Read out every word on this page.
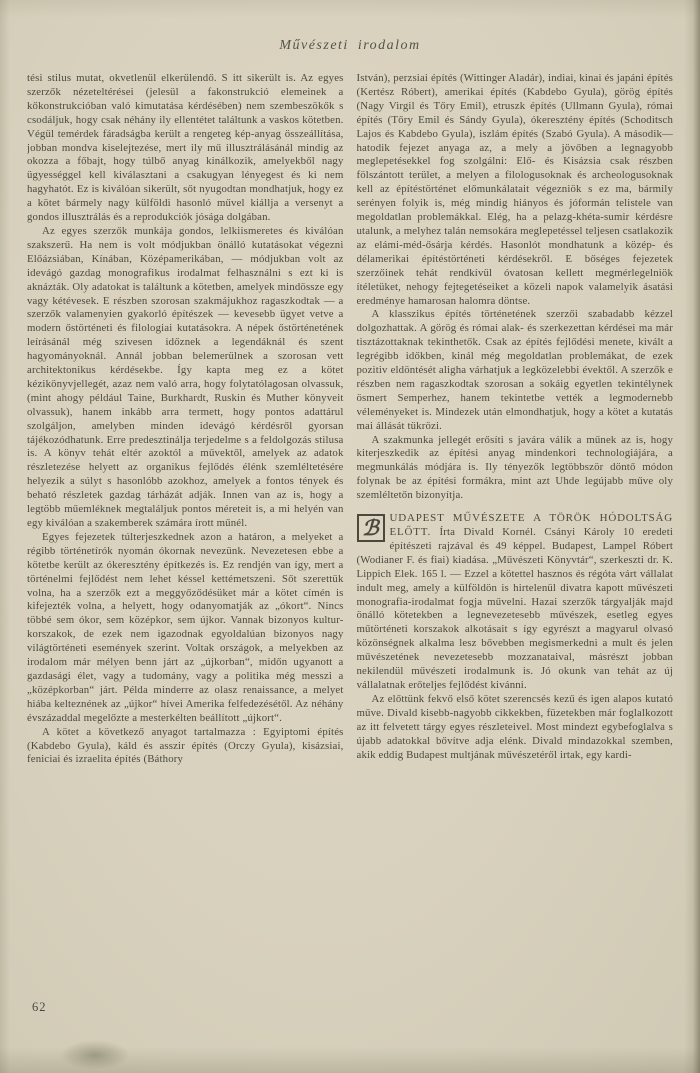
Művészeti irodalom

tési stilus mutat, okvetlenül elkerülendő. S itt sikerült is. Az egyes szerzők nézeteltérései (jelesül a fakonstrukció elemeinek a kőkonstrukcióban való kimutatása kérdésében) nem szembeszökők s csodáljuk, hogy csak néhány ily ellentétet találtunk a vaskos kötetben. Végül temérdek fáradságba került a rengeteg kép-anyag összeállítása, jobban mondva kiselejtezése, mert ily mű illusztrálásánál mindig az okozza a főbajt, hogy túlbő anyag kinálkozik, amelyekből nagy ügyességgel kell kiválasztani a csakugyan lényegest és ki nem hagyhatót. Ez is kiválóan sikerült, sőt nyugodtan mondhatjuk, hogy ez a kötet bármely nagy külföldi hasonló művel kiállja a versenyt a gondos illusztrálás és a reprodukciók jósága dolgában.

Az egyes szerzők munkája gondos, lelkiismeretes és kiválóan szakszerű. Ha nem is volt módjukban önálló kutatásokat végezni Előázsiában, Kínában, Középamerikában, — módjukban volt az idevágó gazdag monografikus irodalmat felhasználni s ezt ki is aknázták. Oly adatokat is találtunk a kötetben, amelyek mindössze egy vagy kétévesek. E részben szorosan szakmájukhoz ragaszkodtak — a szerzők valamenyien gyakorló építészek — kevesebb ügyet vetve a modern őstörténeti és filologiai kutatásokra. A népek őstörténetének leírásánál még szivesen időznek a legendáknál és szent hagyományoknál. Annál jobban belemerülnek a szorosan vett architektonikus kérdésekbe. Így kapta meg ez a kötet kézikönyvjellegét, azaz nem való arra, hogy folytatólagosan olvassuk, (mint ahogy például Taine, Burkhardt, Ruskin és Muther könyveit olvassuk), hanem inkább arra termett, hogy pontos adattárul szolgáljon, amelyben minden idevágó kérdésről gyorsan tájékozódhatunk. Erre predesztinálja terjedelme s a feldolgozás stilusa is. A könyv tehát eltér azoktól a művektől, amelyek az adatok részletezése helyett az organikus fejlődés élénk szemléltetésére helyezik a súlyt s hasonlóbb azokhoz, amelyek a fontos tények és beható részletek gazdag tárházát adják. Innen van az is, hogy a legtöbb műemléknek megtaláljuk pontos méreteit is, a mi helyén van egy kiválóan a szakemberek számára írott műnél.

Egyes fejezetek túlterjeszkednek azon a határon, a melyeket a régibb történetírók nyomán ókornak nevezünk. Nevezetesen ebbe a kötetbe került az ókeresztény építkezés is. Ez rendjén van így, mert a történelmi fejlődést nem lehet késsel kettémetszeni. Sőt szerettük volna, ha a szerzők ezt a meggyőződésüket már a kötet címén is kifejezték volna, a helyett, hogy odanyomatják az „ókort“. Nincs többé sem ókor, sem középkor, sem újkor. Vannak bizonyos kultur-korszakok, de ezek nem igazodnak egyoldalúan bizonyos nagy világtörténeti események szerint. Voltak országok, a melyekben az irodalom már mélyen benn járt az „újkorban“, midőn ugyanott a gazdasági élet, vagy a tudomány, vagy a politika még messzi a „középkorban“ járt. Példa minderre az olasz renaissance, a melyet hiába kelteznének az „újkor“ hívei Amerika felfedezésétől. Az néhány évszázaddal megelőzte a mesterkélten beállított „újkort“.

A kötet a következő anyagot tartalmazza : Egyiptomi építés (Kabdebo Gyula), káld és asszir építés (Orczy Gyula), kisázsiai, feniciai és izraelita építés (Báthory

István), perzsiai építés (Wittinger Aladár), indiai, kinai és japáni építés (Kertész Róbert), amerikai építés (Kabdebo Gyula), görög építés (Nagy Virgil és Tőry Emil), etruszk építés (Ullmann Gyula), római építés (Tőry Emil és Sándy Gyula), ókeresztény építés (Schoditsch Lajos és Kabdebo Gyula), iszlám építés (Szabó Gyula). A második—hatodik fejezet anyaga az, a mely a jövőben a legnagyobb meglepetésekkel fog szolgálni: Elő- és Kisázsia csak részben fölszántott terület, a melyen a filologusoknak és archeologusoknak kell az építéstörténet előmunkálatait végezniök s ez ma, bármily serényen folyik is, még mindig hiányos és jóformán telistele van megoldatlan problemákkal. Elég, ha a pelazg-khéta-sumir kérdésre utalunk, a melyhez talán nemsokára meglepetéssel teljesen csatlakozik az elámi-méd-ősárja kérdés. Hasonlót mondhatunk a közép- és délamerikai építéstörténeti kérdésekről. E bőséges fejezetek szerzőinek tehát rendkívül óvatosan kellett megmérlegelniök ítéletüket, nehogy fejtegetéseiket a közeli napok valamelyik ásatási eredménye hamarosan halomra döntse.

A klasszikus építés történetének szerzői szabadabb kézzel dolgozhattak. A görög és római alak- és szerkezettan kérdései ma már tisztázottaknak tekinthetők. Csak az építés fejlődési menete, kivált a legrégibb időkben, kinál még megoldatlan problemákat, de ezek pozitiv eldöntését aligha várhatjuk a legközelebbi évektől. A szerzők e részben nem ragaszkodtak szorosan a sokáig egyetlen tekintélynek ösmert Semperhez, hanem tekintetbe vették a legmodernebb véleményeket is. Mindezek után elmondhatjuk, hogy a kötet a kutatás mai állását tükrözi.

A szakmunka jellegét erősíti s javára válik a műnek az is, hogy kiterjeszkedik az építési anyag mindenkori technologiájára, a megmunkálás módjára is. Ily tényezők legtöbbször döntő módon folynak be az építési formákra, mint azt Uhde legújabb műve oly szemléltetőn bizonyítja.

ℬ UDAPEST MŰVÉSZETE A TÖRÖK HÓDOLTSÁG ELŐTT. Írta Divald Kornél. Csányi Károly 10 eredeti építészeti rajzával és 49 képpel. Budapest, Lampel Róbert (Wodianer F. és fiai) kiadása. „Művészeti Könyvtár“, szerkeszti dr. K. Lippich Elek. 165 l. — Ezzel a kötettel hasznos és régóta várt vállalat indult meg, amely a külföldön is hirtelenül divatra kapott művészeti monografia-irodalmat fogja művelni. Hazai szerzők tárgyalják majd önálló kötetekben a legnevezetesebb művészek, esetleg egyes műtörténeti korszakok alkotásait s így egyrészt a magyarul olvasó közönségnek alkalma lesz bővebben megismerkedni a mult és jelen művészetének nevezetesebb mozzanataival, másrészt jobban nekilendül művészeti irodalmunk is. Jó okunk van tehát az új vállalatnak erőteljes fejlődést kivánni.

Az előttünk fekvő első kötet szerencsés kezű és igen alapos kutató műve. Divald kisebb-nagyobb cikkekben, füzetekben már foglalkozott az itt felvetett tárgy egyes részleteivel. Most mindezt egybefoglalva s újabb adatokkal bővítve adja elénk. Divald mindazokkal szemben, akik eddig Budapest multjának művészetéről irtak, egy kardi-

62
